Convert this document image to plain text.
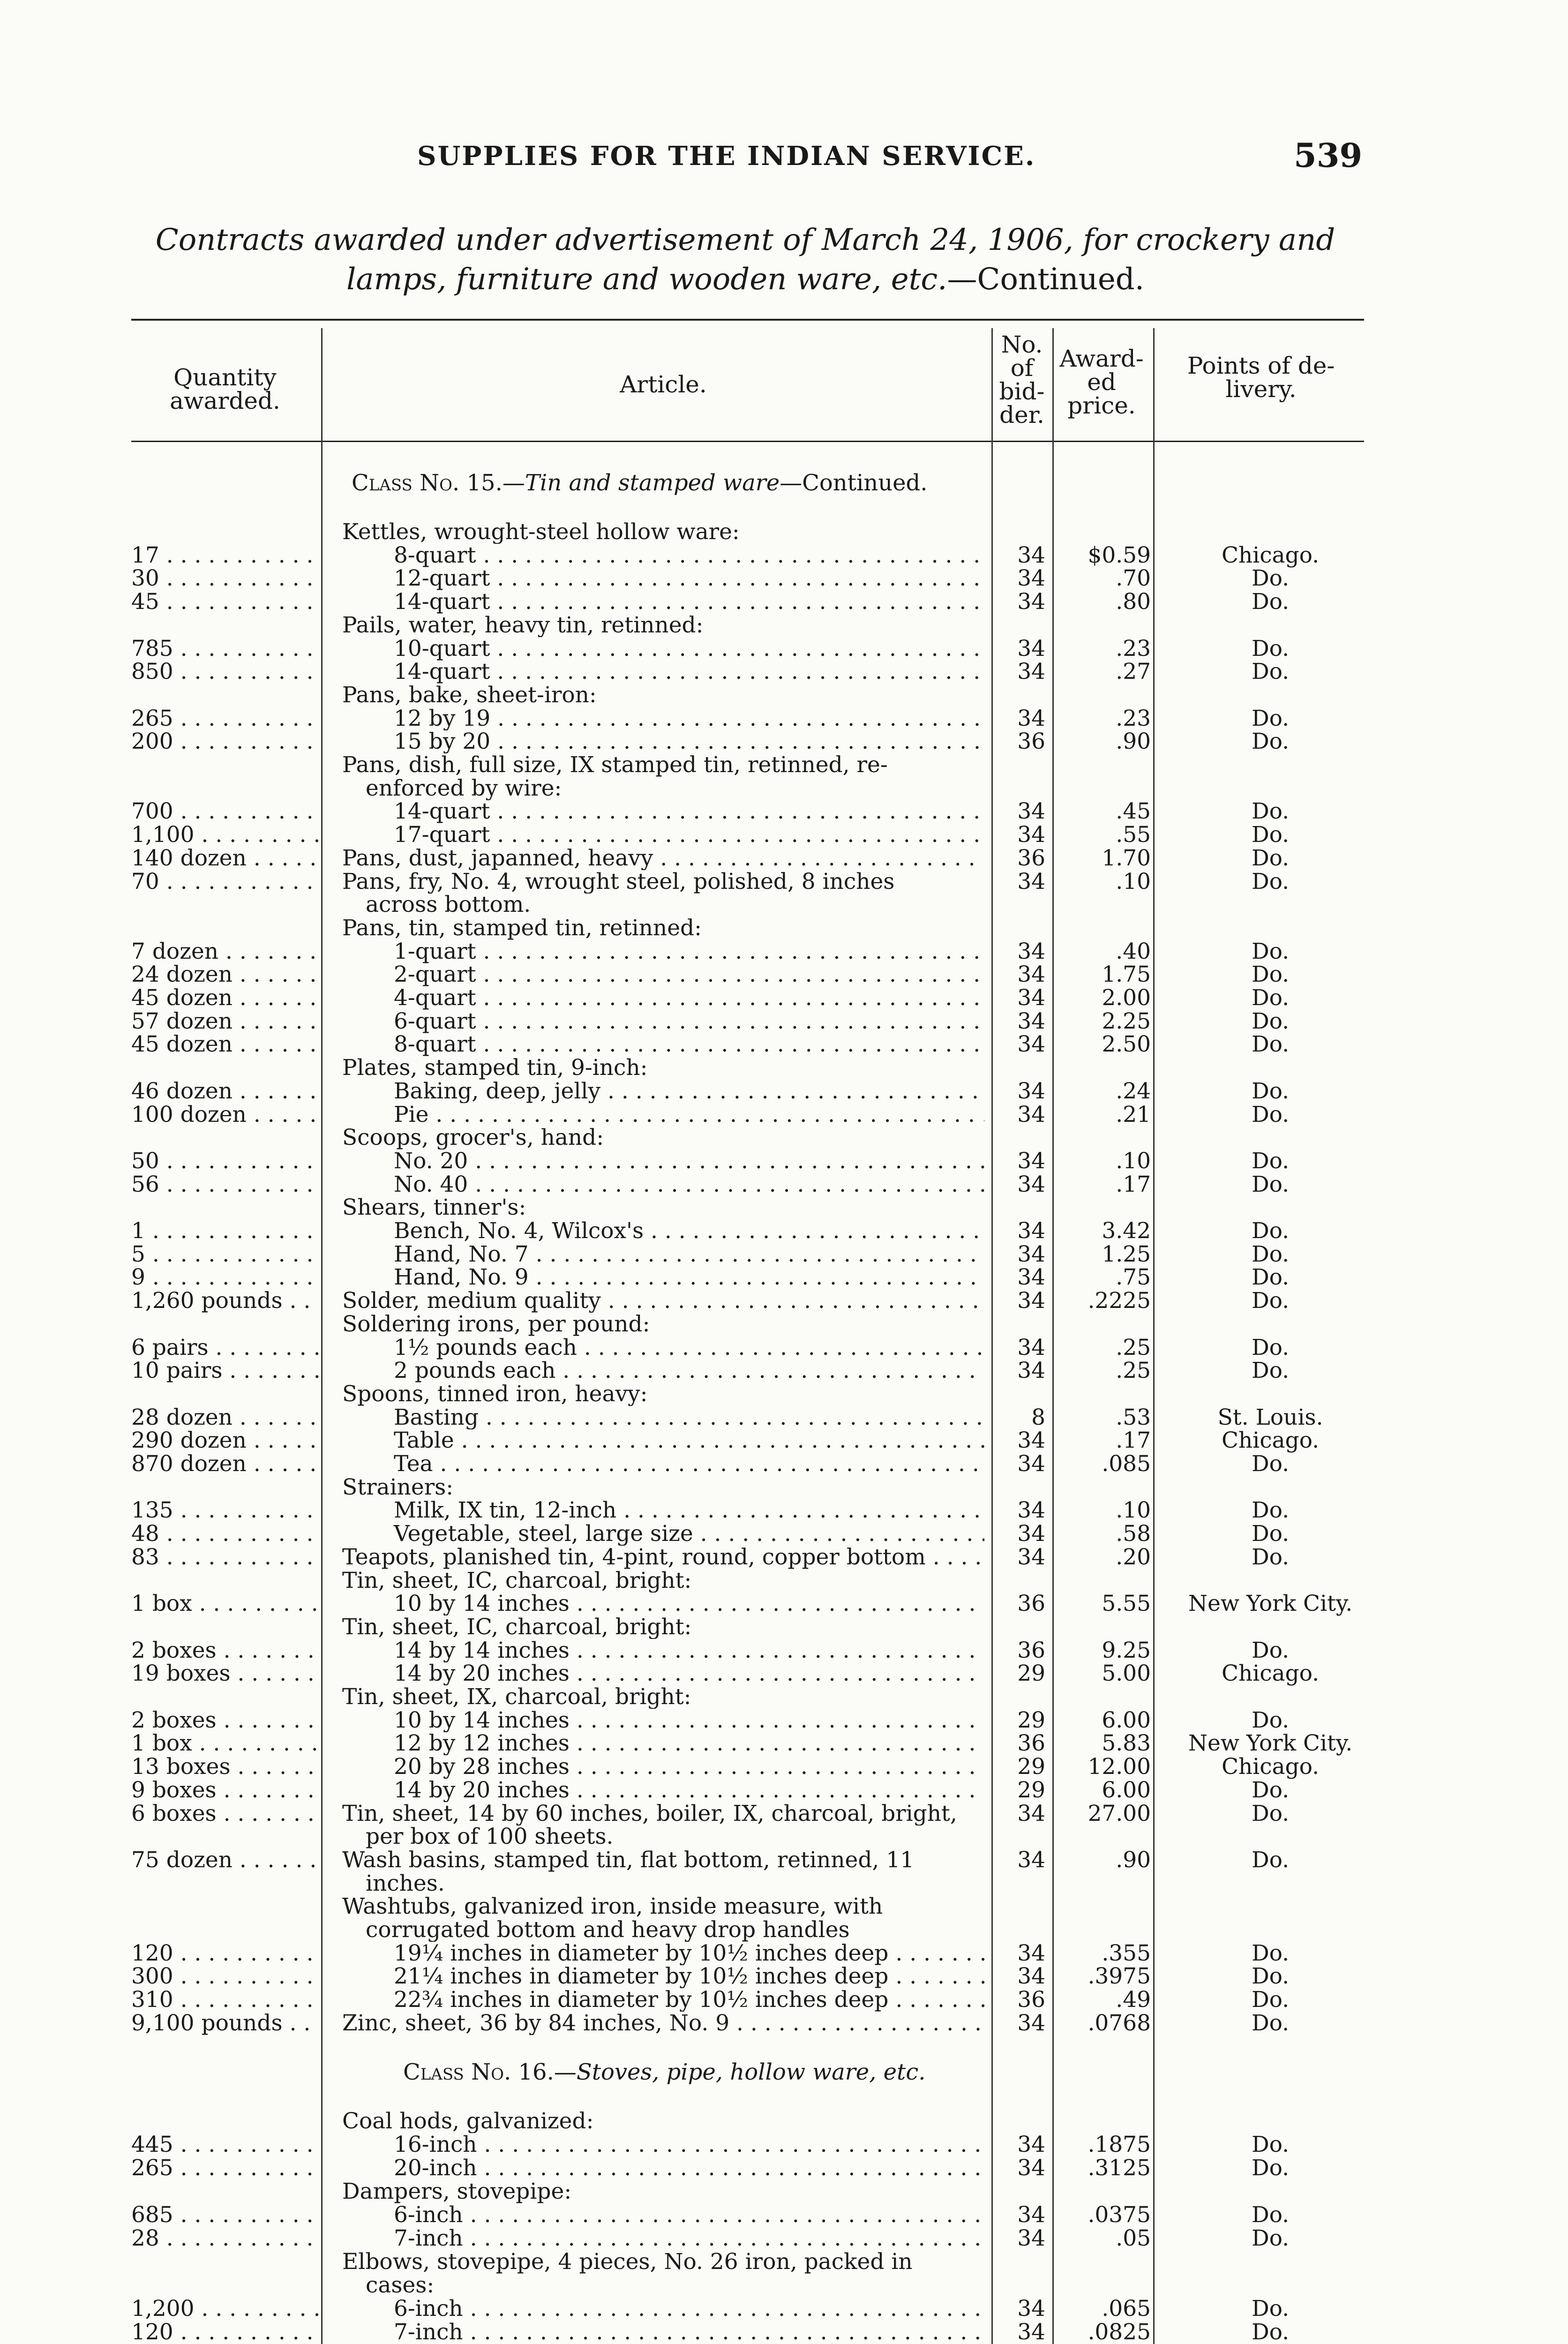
SUPPLIES FOR THE INDIAN SERVICE.	539
Contracts awarded under advertisement of March 24, 1906, for crockery and lamps, furniture and wooden ware, etc.—Continued.
Quantity awarded.
Article.
No. of bid-der.
Award-ed price.
Points of de-livery.
Class No. 15.—Tin and stamped ware—Continued.
Kettles, wrought-steel hollow ware:
17 . . .	8-quart . . .	34	$0.59	Chicago.
30 . . .	12-quart . . .	34	.70	Do.
45 . . .	14-quart . . .	34	.80	Do.
Pails, water, heavy tin, retinned:
785 . . .	10-quart . . .	34	.23	Do.
850 . . .	14-quart . . .	34	.27	Do.
Pans, bake, sheet-iron:
265 . . .	12 by 19 . . .	34	.23	Do.
200 . . .	15 by 20 . . .	36	.90	Do.
Pans, dish, full size, IX stamped tin, retinned, re-
enforced by wire:
700 . . .	14-quart . . .	34	.45	Do.
1,100 . . .	17-quart . . .	34	.55	Do.
140 dozen . . .	Pans, dust, japanned, heavy . . .	36	1.70	Do.
70 . . .	Pans, fry, No. 4, wrought steel, polished, 8 inches	34	.10	Do.
across bottom.
Pans, tin, stamped tin, retinned:
7 dozen . . .	1-quart . . .	34	.40	Do.
24 dozen . . .	2-quart . . .	34	1.75	Do.
45 dozen . . .	4-quart . . .	34	2.00	Do.
57 dozen . . .	6-quart . . .	34	2.25	Do.
45 dozen . . .	8-quart . . .	34	2.50	Do.
Plates, stamped tin, 9-inch:
46 dozen . . .	Baking, deep, jelly . . .	34	.24	Do.
100 dozen . . .	Pie . . .	34	.21	Do.
Scoops, grocer's, hand:
50 . . .	No. 20 . . .	34	.10	Do.
56 . . .	No. 40 . . .	34	.17	Do.
Shears, tinner's:
1 . . .	Bench, No. 4, Wilcox's . . .	34	3.42	Do.
5 . . .	Hand, No. 7 . . .	34	1.25	Do.
9 . . .	Hand, No. 9 . . .	34	.75	Do.
1,260 pounds . . .	Solder, medium quality . . .	34	.2225	Do.
Soldering irons, per pound:
6 pairs . . .	1½ pounds each . . .	34	.25	Do.
10 pairs . . .	2 pounds each . . .	34	.25	Do.
Spoons, tinned iron, heavy:
28 dozen . . .	Basting . . .	8	.53	St. Louis.
290 dozen . . .	Table . . .	34	.17	Chicago.
870 dozen . . .	Tea . . .	34	.085	Do.
Strainers:
135 . . .	Milk, IX tin, 12-inch . . .	34	.10	Do.
48 . . .	Vegetable, steel, large size . . .	34	.58	Do.
83 . . .	Teapots, planished tin, 4-pint, round, copper bottom . . .	34	.20	Do.
Tin, sheet, IC, charcoal, bright:
1 box . . .	10 by 14 inches . . .	36	5.55	New York City.
Tin, sheet, IC, charcoal, bright:
2 boxes . . .	14 by 14 inches . . .	36	9.25	Do.
19 boxes . . .	14 by 20 inches . . .	29	5.00	Chicago.
Tin, sheet, IX, charcoal, bright:
2 boxes . . .	10 by 14 inches . . .	29	6.00	Do.
1 box . . .	12 by 12 inches . . .	36	5.83	New York City.
13 boxes . . .	20 by 28 inches . . .	29	12.00	Chicago.
9 boxes . . .	14 by 20 inches . . .	29	6.00	Do.
6 boxes . . .	Tin, sheet, 14 by 60 inches, boiler, IX, charcoal, bright,	34	27.00	Do.
per box of 100 sheets.
75 dozen . . .	Wash basins, stamped tin, flat bottom, retinned, 11	34	.90	Do.
inches.
Washtubs, galvanized iron, inside measure, with
corrugated bottom and heavy drop handles
120 . . .	19¼ inches in diameter by 10½ inches deep . . .	34	.355	Do.
300 . . .	21¼ inches in diameter by 10½ inches deep . . .	34	.3975	Do.
310 . . .	22¾ inches in diameter by 10½ inches deep . . .	36	.49	Do.
9,100 pounds . . .	Zinc, sheet, 36 by 84 inches, No. 9 . . .	34	.0768	Do.
Class No. 16.—Stoves, pipe, hollow ware, etc.
Coal hods, galvanized:
445 . . .	16-inch . . .	34	.1875	Do.
265 . . .	20-inch . . .	34	.3125	Do.
Dampers, stovepipe:
685 . . .	6-inch . . .	34	.0375	Do.
28 . . .	7-inch . . .	34	.05	Do.
Elbows, stovepipe, 4 pieces, No. 26 iron, packed in
cases:
1,200 . . .	6-inch . . .	34	.065	Do.
120 . . .	7-inch . . .	34	.0825	Do.
